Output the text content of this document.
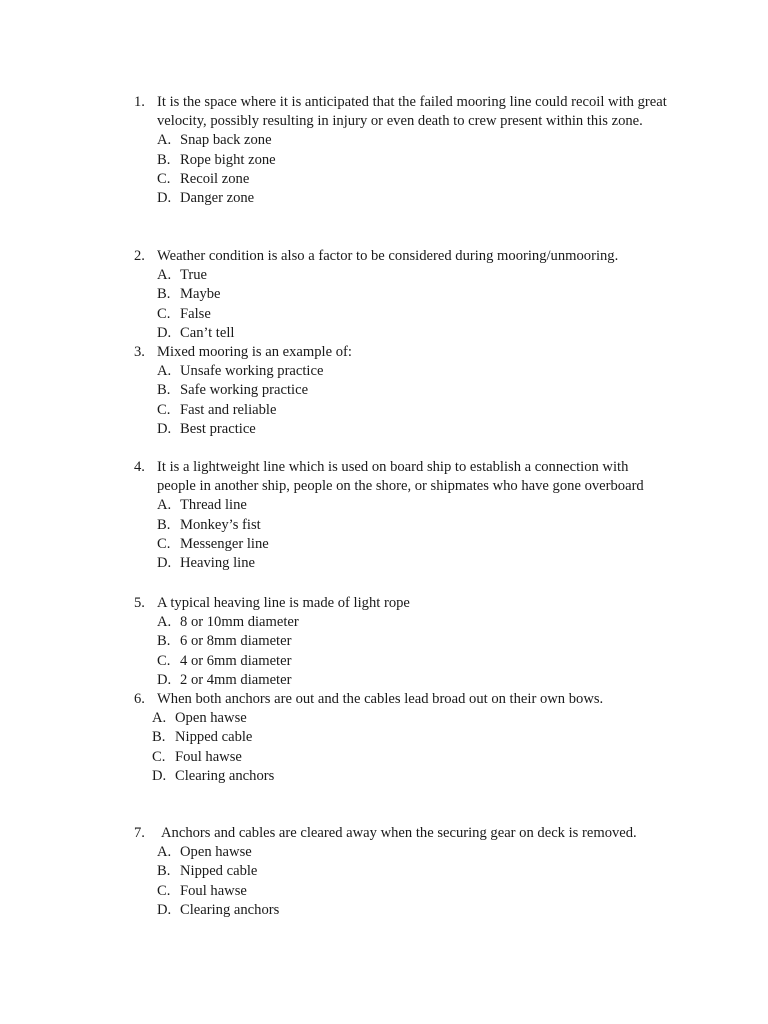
1. It is the space where it is anticipated that the failed mooring line could recoil with great velocity, possibly resulting in injury or even death to crew present within this zone.
A. Snap back zone
B. Rope bight zone
C. Recoil zone
D. Danger zone
2. Weather condition is also a factor to be considered during mooring/unmooring.
A. True
B. Maybe
C. False
D. Can’t tell
3. Mixed mooring is an example of:
A. Unsafe working practice
B. Safe working practice
C. Fast and reliable
D. Best practice
4. It is a lightweight line which is used on board ship to establish a connection with people in another ship, people on the shore, or shipmates who have gone overboard
A. Thread line
B. Monkey’s fist
C. Messenger line
D. Heaving line
5. A typical heaving line is made of light rope
A. 8 or 10mm diameter
B. 6 or 8mm diameter
C. 4 or 6mm diameter
D. 2 or 4mm diameter
6. When both anchors are out and the cables lead broad out on their own bows.
A. Open hawse
B. Nipped cable
C. Foul hawse
D. Clearing anchors
7. Anchors and cables are cleared away when the securing gear on deck is removed.
A. Open hawse
B. Nipped cable
C. Foul hawse
D. Clearing anchors
